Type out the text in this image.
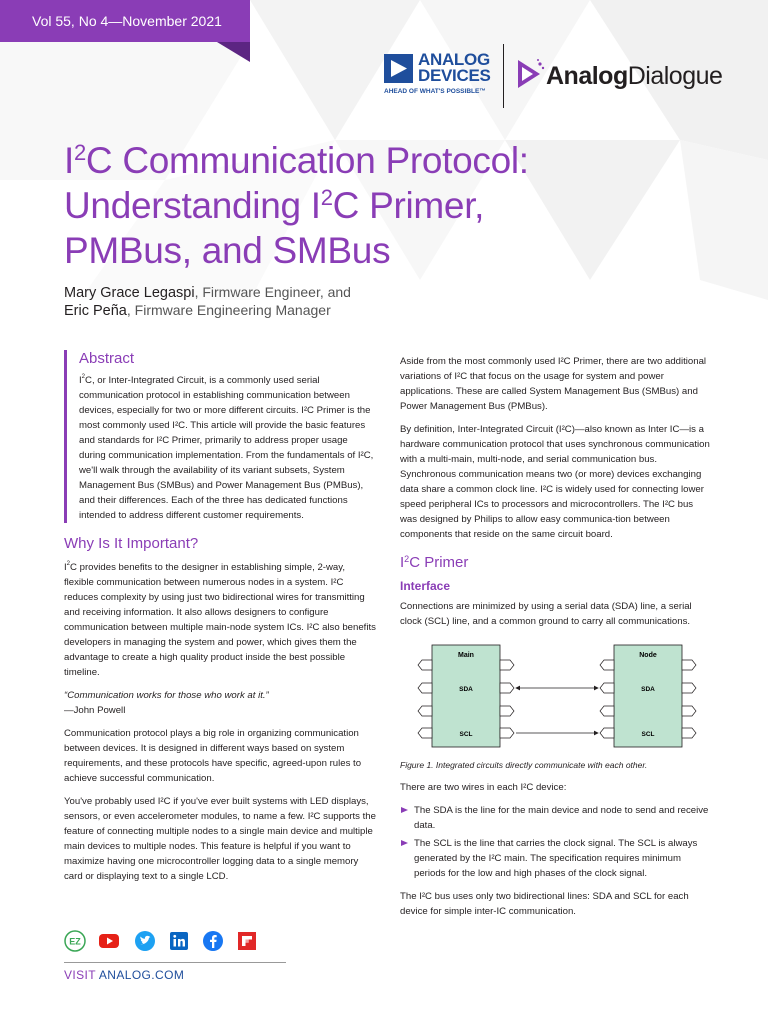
Vol 55, No 4—November 2021
ANALOG
DEVICES
AHEAD OF WHAT'S POSSIBLE™
AnalogDialogue
$I^2C$ Communication Protocol:
Understanding $I^2C$ Primer,
PMBus, and SMBus
Mary Grace Legaspi, Firmware Engineer, and
Eric Peña, Firmware Engineering Manager
Abstract

$I^2C$, or Inter-Integrated Circuit, is a commonly used serial communication protocol in establishing communication between devices, especially for two or more different circuits. I²C Primer is the most commonly used I²C. This article will provide the basic features and standards for I²C Primer, primarily to address proper usage during communication implementation. From the fundamentals of I²C, we'll walk through the availability of its variant subsets, System Management Bus (SMBus) and Power Management Bus (PMBus), and their differences. Each of the three has dedicated functions intended to address different customer requirements.

Why Is It Important?

$I^2C$ provides benefits to the designer in establishing simple, 2-way, flexible communication between numerous nodes in a system. I²C reduces complexity by using just two bidirectional wires for transmitting and receiving information. It also allows designers to configure communication between multiple main-node system ICs. I²C also benefits developers in managing the system and power, which gives them the advantage to create a high quality product inside the best possible timeline.

“Communication works for those who work at it.”
—John Powell

Communication protocol plays a big role in organizing communication between devices. It is designed in different ways based on system requirements, and these protocols have specific, agreed-upon rules to achieve successful communication.

You've probably used I²C if you've ever built systems with LED displays, sensors, or even accelerometer modules, to name a few. I²C supports the feature of connecting multiple nodes to a single main device and multiple main devices to multiple nodes. This feature is helpful if you want to maximize having one microcontroller logging data to a single memory card or displaying text to a single LCD.

Aside from the most commonly used I²C Primer, there are two additional variations of I²C that focus on the usage for system and power applications. These are called System Management Bus (SMBus) and Power Management Bus (PMBus).

By definition, Inter-Integrated Circuit (I²C)—also known as Inter IC—is a hardware communication protocol that uses synchronous communication with a multi-main, multi-node, and serial communication bus. Synchronous communication means two (or more) devices exchanging data share a common clock line. I²C is widely used for connecting lower speed peripheral ICs to processors and microcontrollers. The I²C bus was designed by Philips to allow easy communica-tion between components that reside on the same circuit board.

$I^2C$ Primer
Interface

Connections are minimized by using a serial data (SDA) line, a serial clock (SCL) line, and a common ground to carry all communications.

Main
SDA
SCL
Node
SDA
SCL
Figure 1. Integrated circuits directly communicate with each other.

There are two wires in each I²C device:

The SDA is the line for the main device and node to send and receive data.
The SCL is the line that carries the clock signal. The SCL is always generated by the I²C main. The specification requires minimum periods for the low and high phases of the clock signal.

The I²C bus uses only two bidirectional lines: SDA and SCL for each device for simple inter-IC communication.

EZ
VISIT ANALOG.COM
